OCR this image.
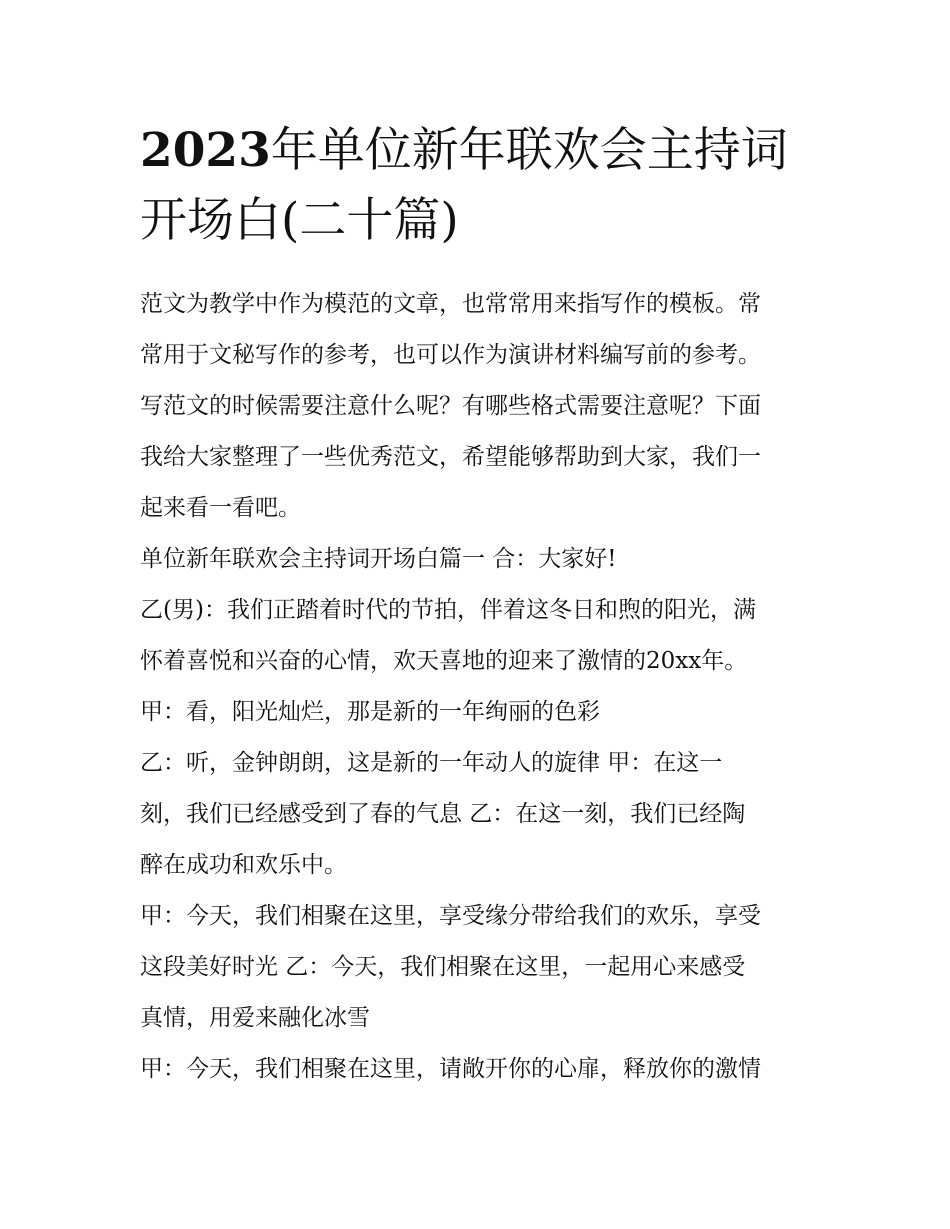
2023年单位新年联欢会主持词
开场白(二十篇)
范文为教学中作为模范的文章，也常常用来指写作的模板。常
常用于文秘写作的参考，也可以作为演讲材料编写前的参考。
写范文的时候需要注意什么呢？有哪些格式需要注意呢？下面
我给大家整理了一些优秀范文，希望能够帮助到大家，我们一
起来看一看吧。
单位新年联欢会主持词开场白篇一 合：大家好!
乙(男)：我们正踏着时代的节拍，伴着这冬日和煦的阳光，满
怀着喜悦和兴奋的心情，欢天喜地的迎来了激情的20xx年。
甲：看，阳光灿烂，那是新的一年绚丽的色彩
乙：听，金钟朗朗，这是新的一年动人的旋律 甲：在这一
刻，我们已经感受到了春的气息 乙：在这一刻，我们已经陶
醉在成功和欢乐中。
甲：今天，我们相聚在这里，享受缘分带给我们的欢乐，享受
这段美好时光 乙：今天，我们相聚在这里，一起用心来感受
真情，用爱来融化冰雪
甲：今天，我们相聚在这里，请敞开你的心扉，释放你的激情
